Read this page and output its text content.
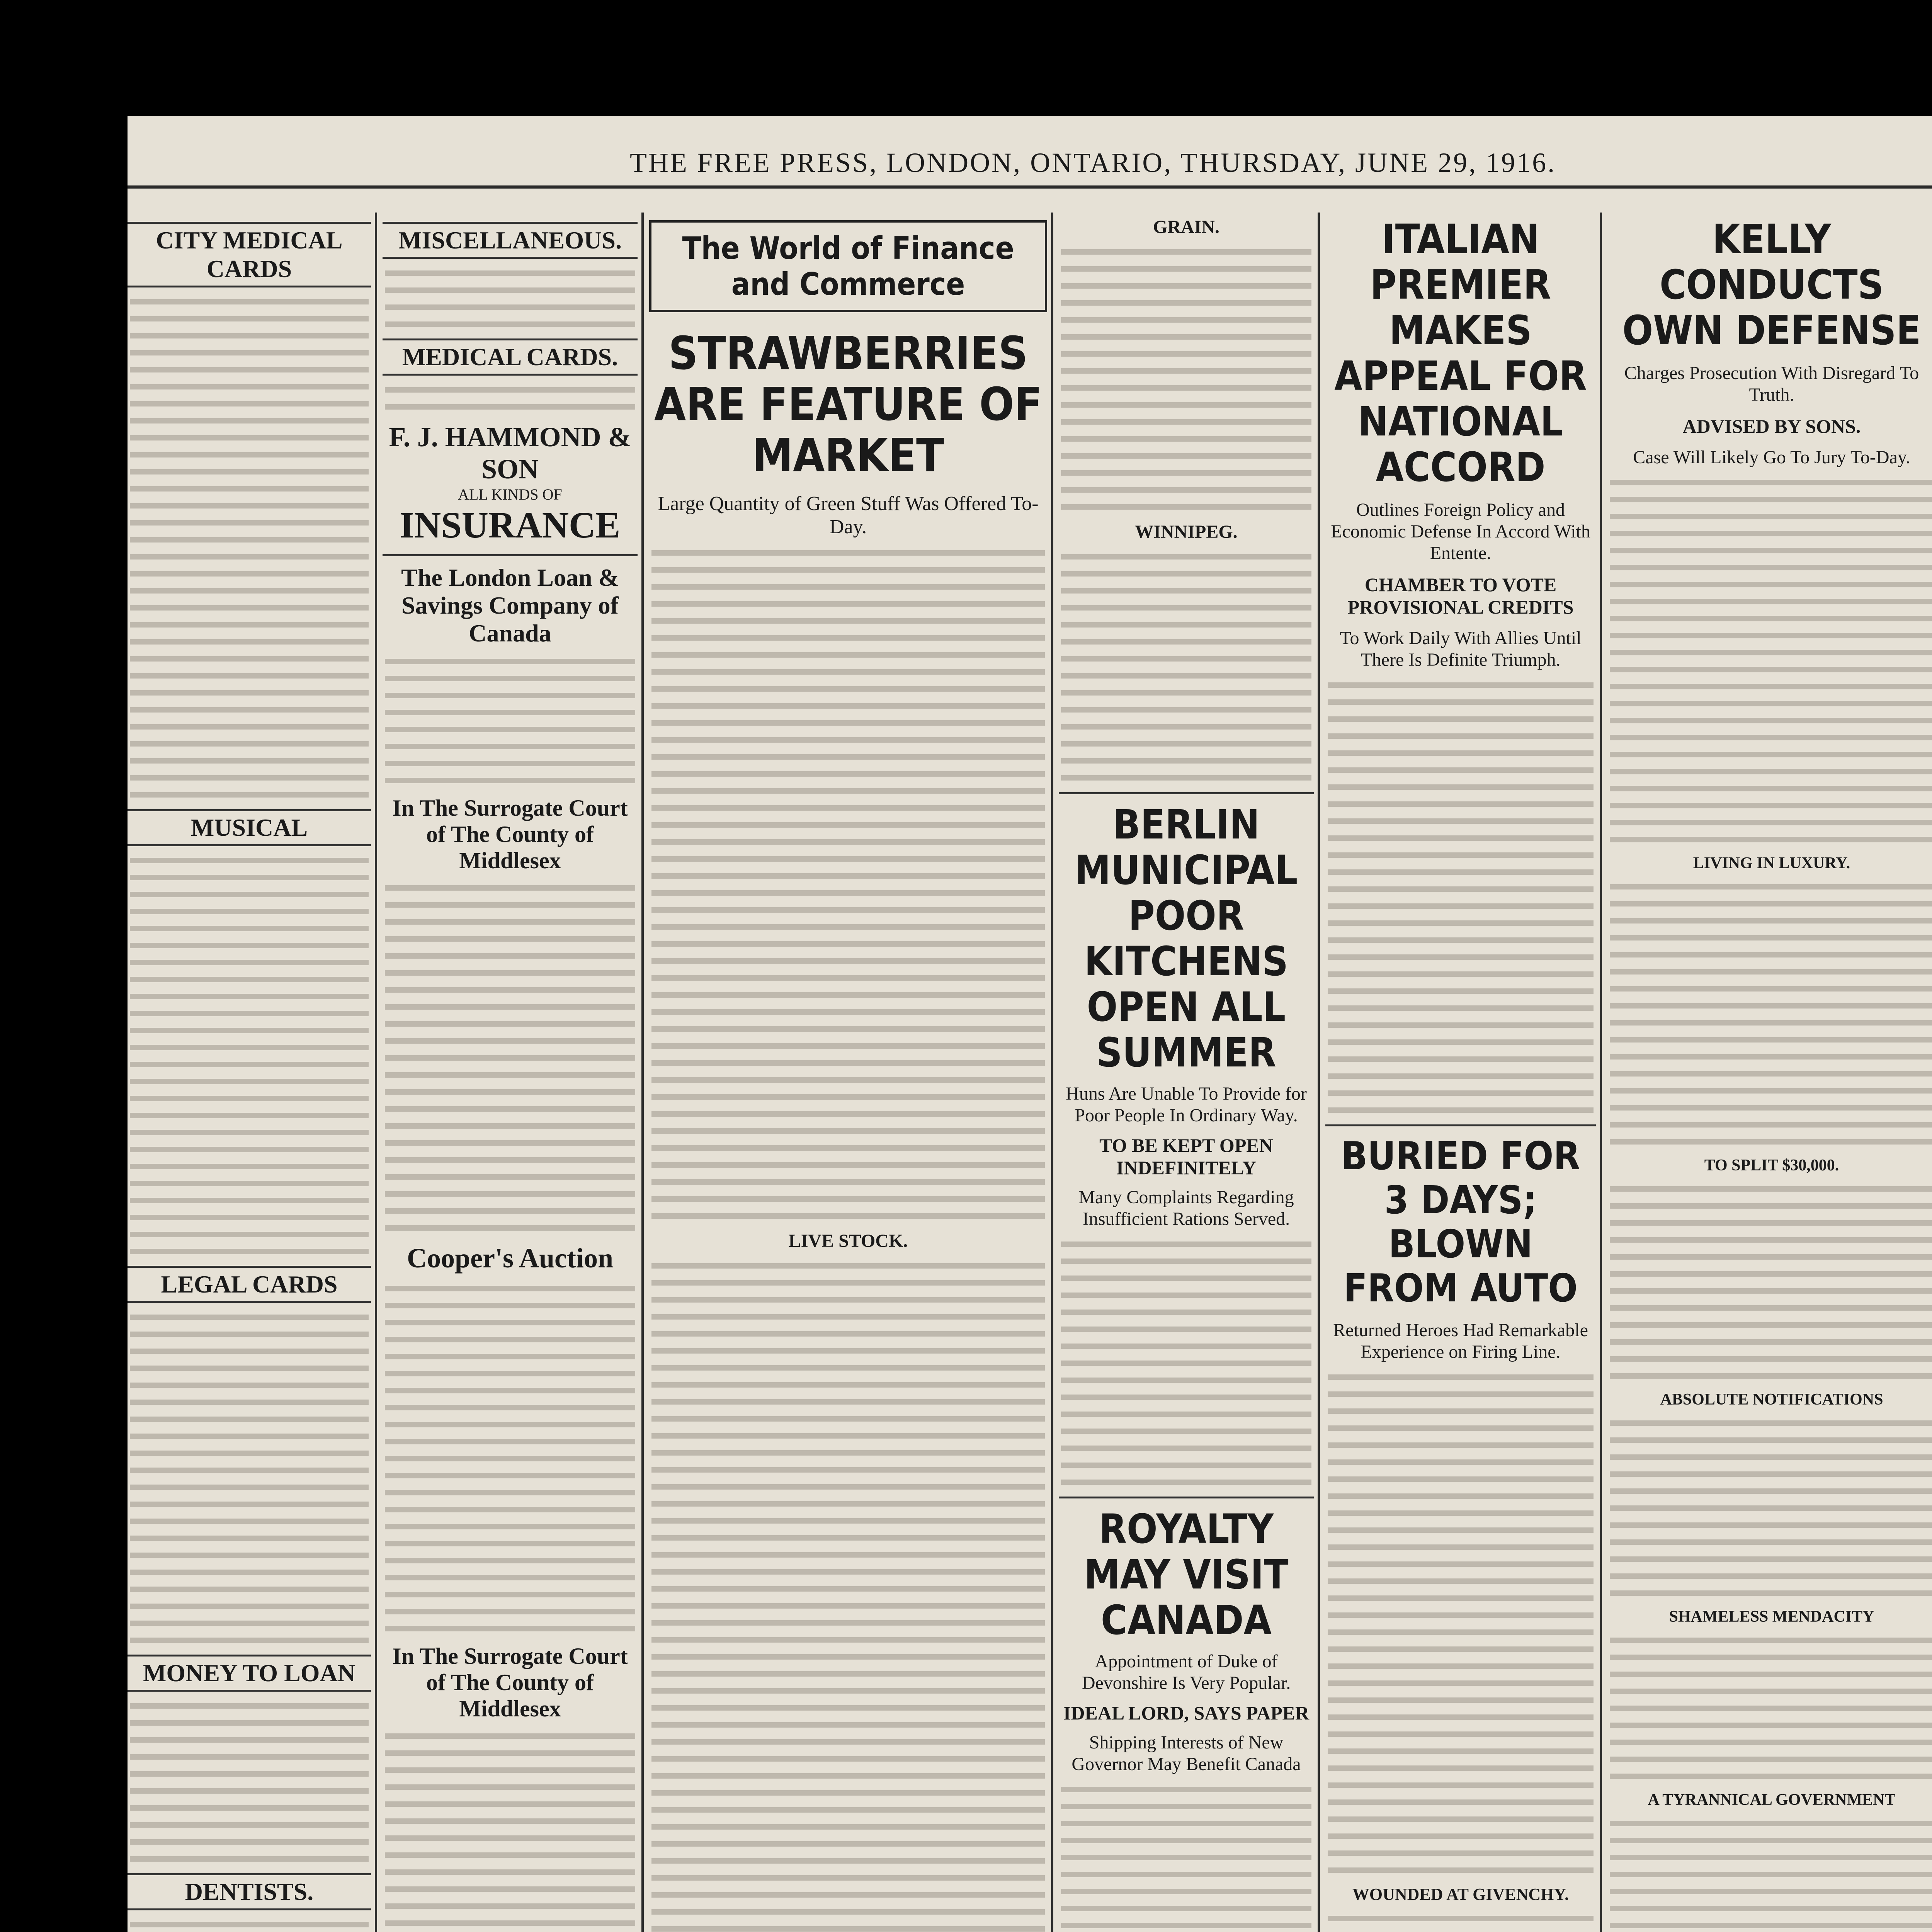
THE FREE PRESS, LONDON, ONTARIO, THURSDAY, JUNE 29, 1916.
CITY MEDICAL CARDS
MUSICAL
LEGAL CARDS
MONEY TO LOAN
DENTISTS.
MISCELLANEOUS.
MEDICAL CARDS.
F. J. HAMMOND & SON
ALL KINDS OF
INSURANCE
The London Loan & Savings Company of Canada
In The Surrogate Court of The County of Middlesex
Cooper's Auction
In The Surrogate Court of The County of Middlesex
The World of Finance and Commerce
STRAWBERRIES ARE FEATURE OF MARKET
Large Quantity of Green Stuff Was Offered To-Day.
LIVE STOCK.
GRAIN.
WINNIPEG.
BERLIN MUNICIPAL POOR KITCHENS OPEN ALL SUMMER
Huns Are Unable To Provide for Poor People In Ordinary Way.
TO BE KEPT OPEN INDEFINITELY
Many Complaints Regarding Insufficient Rations Served.
ROYALTY MAY VISIT CANADA
Appointment of Duke of Devonshire Is Very Popular.
IDEAL LORD, SAYS PAPER
Shipping Interests of New Governor May Benefit Canada
ITALIAN PREMIER MAKES APPEAL FOR NATIONAL ACCORD
Outlines Foreign Policy and Economic Defense In Accord With Entente.
CHAMBER TO VOTE PROVISIONAL CREDITS
To Work Daily With Allies Until There Is Definite Triumph.
BURIED FOR 3 DAYS; BLOWN FROM AUTO
Returned Heroes Had Remarkable Experience on Firing Line.
WOUNDED AT GIVENCHY.
KELLY CONDUCTS OWN DEFENSE
Charges Prosecution With Disregard To Truth.
ADVISED BY SONS.
Case Will Likely Go To Jury To-Day.
LIVING IN LUXURY.
TO SPLIT $30,000.
ABSOLUTE NOTIFICATIONS
SHAMELESS MENDACITY
A TYRANNICAL GOVERNMENT
